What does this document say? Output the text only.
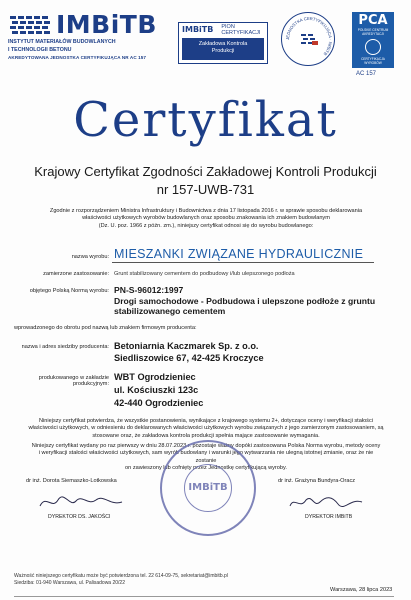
IMBiTB
INSTYTUT MATERIAŁÓW BUDOWLANYCH
I TECHNOLOGII BETONU
AKREDYTOWANA JEDNOSTKA CERTYFIKUJĄCA NR AC 157
IMBiTB PION CERTYFIKACJI
Zakładowa Kontrola
Produkcji
JEDNOSTKA CERTYFIKUJĄCA · IMBiTB
PCA
POLSKIE CENTRUM AKREDYTACJI
CERTYFIKACJA WYROBÓW
AC 157
Certyfikat
Krajowy Certyfikat Zgodności Zakładowej Kontroli Produkcji
nr 157-UWB-731
Zgodnie z rozporządzeniem Ministra Infrastruktury i Budownictwa z dnia 17 listopada 2016 r. w sprawie sposobu deklarowania
właściwości użytkowych wyrobów budowlanych oraz sposobu znakowania ich znakiem budowlanym
(Dz. U. poz. 1966 z późn. zm.), niniejszy certyfikat odnosi się do wyrobu budowlanego:
nazwa wyrobu: MIESZANKI ZWIĄZANE HYDRAULICZNIE
zamierzone zastosowanie: Grunt stabilizowany cementem do podbudowy i/lub ulepszonego podłoża
objętego Polską Normą wyrobu: PN-S-96012:1997
Drogi samochodowe - Podbudowa i ulepszone podłoże z gruntu
stabilizowanego cementem
wprowadzonego do obrotu pod nazwą lub znakiem firmowym producenta:
nazwa i adres siedziby producenta: Betoniarnia Kaczmarek Sp. z o.o.
Siedliszowice 67, 42-425 Kroczyce
produkowanego w zakładzie produkcyjnym:
WBT Ogrodzieniec
ul. Kościuszki 123c
42-440 Ogrodzieniec
Niniejszy certyfikat potwierdza, że wszystkie postanowienia, wynikające z krajowego systemu 2+, dotyczące oceny i weryfikacji stałości
właściwości użytkowych, w odniesieniu do deklarowanych właściwości użytkowych wyrobu związanych z jego zamierzonym zastosowaniem, są
stosowane oraz, że zakładowa kontrola produkcji spełnia mające zastosowanie wymagania.
Niniejszy certyfikat wydany po raz pierwszy w dniu 28.07.2023 r. pozostaje ważny dopóki zastosowana Polska Norma wyrobu, metody oceny
i weryfikacji stałości właściwości użytkowych, sam wyrób budowlany i warunki jego wytwarzania nie ulegną istotnej zmianie, oraz że nie zostanie
on zawieszony lub cofnięty przez Jednostkę certyfikującą wyroby.
IMBiTB
dr inż. Dorota Siemaszko-Lotkowska
DYREKTOR DS. JAKOŚCI
dr inż. Grażyna Bundyra-Oracz
DYREKTOR IMBiTB
Ważność niniejszego certyfikatu może być potwierdzona tel. 22 614-09-75, sekretariat@imbitb.pl
Siedziba: 01-940 Warszawa, ul. Palisadowa 20/22
Warszawa, 28 lipca 2023
